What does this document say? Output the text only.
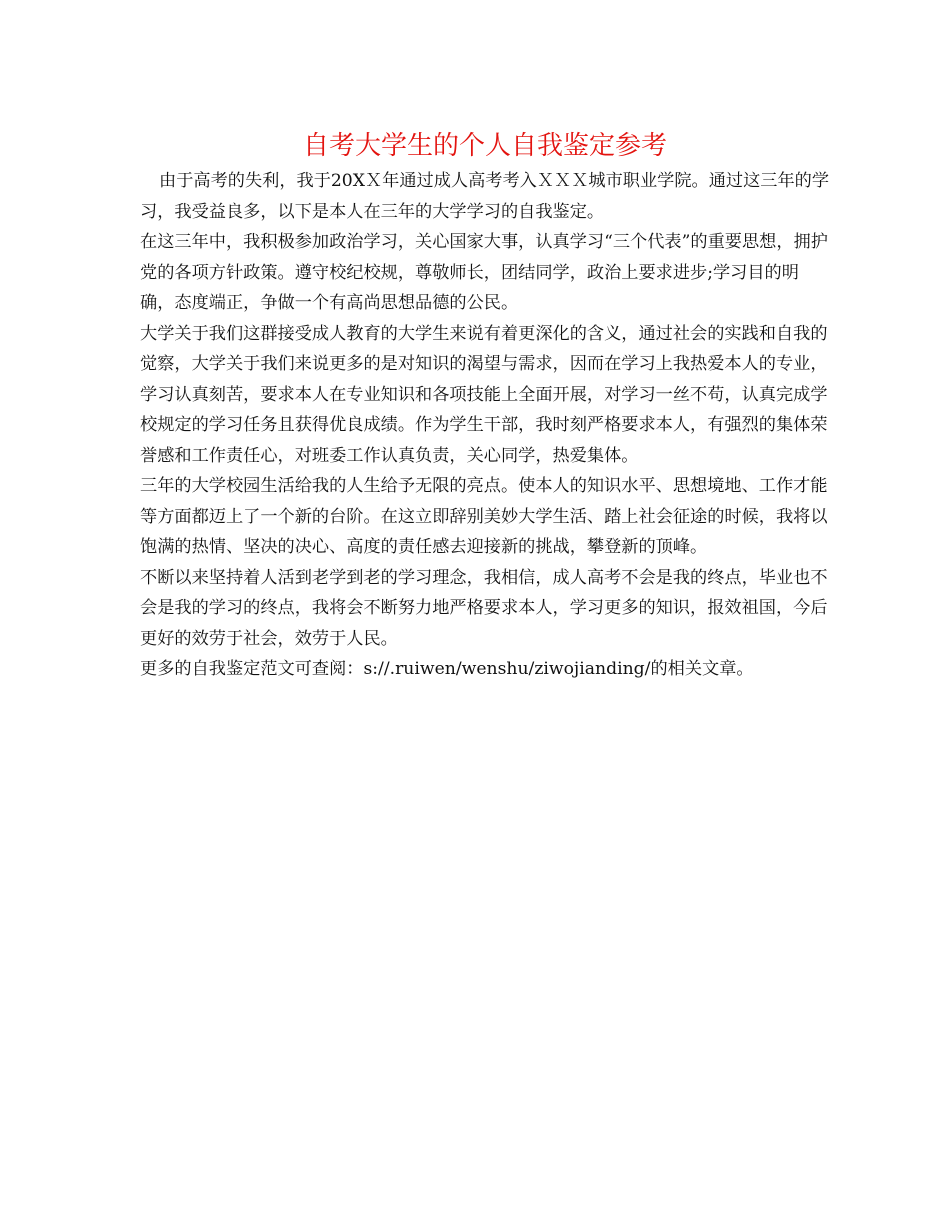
自考大学生的个人自我鉴定参考

由于高考的失利，我于20XＸ年通过成人高考考入ＸＸＸ城市职业学院。通过这三年的学习，我受益良多，以下是本人在三年的大学学习的自我鉴定。

在这三年中，我积极参加政治学习，关心国家大事，认真学习“三个代表”的重要思想，拥护党的各项方针政策。遵守校纪校规，尊敬师长，团结同学，政治上要求进步;学习目的明确，态度端正，争做一个有高尚思想品德的公民。

大学关于我们这群接受成人教育的大学生来说有着更深化的含义，通过社会的实践和自我的觉察，大学关于我们来说更多的是对知识的渴望与需求，因而在学习上我热爱本人的专业，学习认真刻苦，要求本人在专业知识和各项技能上全面开展，对学习一丝不苟，认真完成学校规定的学习任务且获得优良成绩。作为学生干部，我时刻严格要求本人，有强烈的集体荣誉感和工作责任心，对班委工作认真负责，关心同学，热爱集体。

三年的大学校园生活给我的人生给予无限的亮点。使本人的知识水平、思想境地、工作才能等方面都迈上了一个新的台阶。在这立即辞别美妙大学生活、踏上社会征途的时候，我将以饱满的热情、坚决的决心、高度的责任感去迎接新的挑战，攀登新的顶峰。

不断以来坚持着人活到老学到老的学习理念，我相信，成人高考不会是我的终点，毕业也不会是我的学习的终点，我将会不断努力地严格要求本人，学习更多的知识，报效祖国，今后更好的效劳于社会，效劳于人民。

更多的自我鉴定范文可查阅：s://.ruiwen/wenshu/ziwojianding/的相关文章。
